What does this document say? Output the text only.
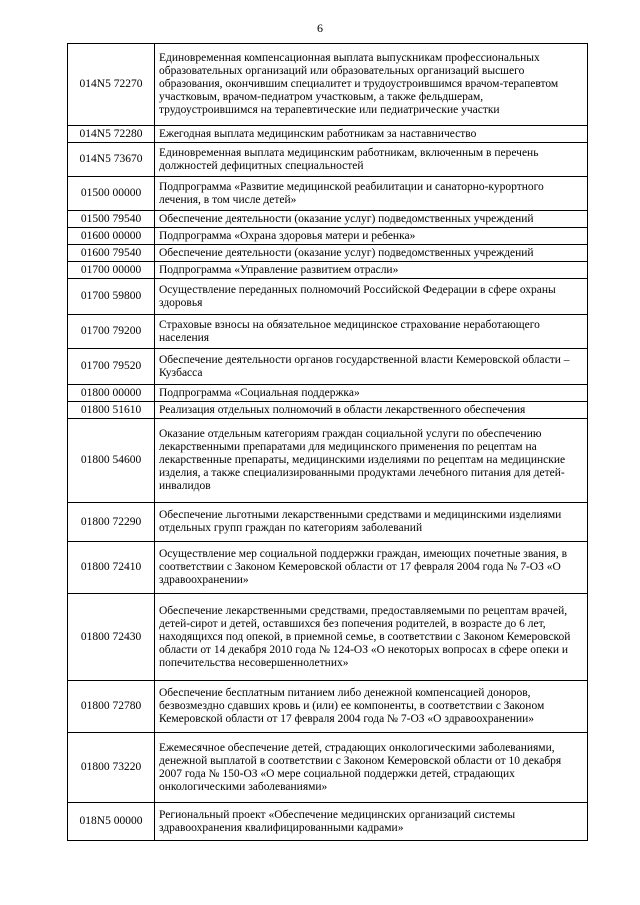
6
014N5 72270	Единовременная компенсационная выплата выпускникам профессиональных образовательных организаций или образовательных организаций высшего образования, окончившим специалитет и трудоустроившимся врачом-терапевтом участковым, врачом-педиатром участковым, а также фельдшерам, трудоустроившимся на терапевтические или педиатрические участки
014N5 72280	Ежегодная выплата медицинским работникам за наставничество
014N5 73670	Единовременная выплата медицинским работникам, включенным в перечень должностей дефицитных специальностей
01500 00000	Подпрограмма «Развитие медицинской реабилитации и санаторно-курортного лечения, в том числе детей»
01500 79540	Обеспечение деятельности (оказание услуг) подведомственных учреждений
01600 00000	Подпрограмма «Охрана здоровья матери и ребенка»
01600 79540	Обеспечение деятельности (оказание услуг) подведомственных учреждений
01700 00000	Подпрограмма «Управление развитием отрасли»
01700 59800	Осуществление переданных полномочий Российской Федерации в сфере охраны здоровья
01700 79200	Страховые взносы на обязательное медицинское страхование неработающего населения
01700 79520	Обеспечение деятельности органов государственной власти Кемеровской области – Кузбасса
01800 00000	Подпрограмма «Социальная поддержка»
01800 51610	Реализация отдельных полномочий в области лекарственного обеспечения
01800 54600	Оказание отдельным категориям граждан социальной услуги по обеспечению лекарственными препаратами для медицинского применения по рецептам на лекарственные препараты, медицинскими изделиями по рецептам на медицинские изделия, а также специализированными продуктами лечебного питания для детей-инвалидов
01800 72290	Обеспечение льготными лекарственными средствами и медицинскими изделиями отдельных групп граждан по категориям заболеваний
01800 72410	Осуществление мер социальной поддержки граждан, имеющих почетные звания, в соответствии с Законом Кемеровской области от 17 февраля 2004 года № 7-ОЗ «О здравоохранении»
01800 72430	Обеспечение лекарственными средствами, предоставляемыми по рецептам врачей, детей-сирот и детей, оставшихся без попечения родителей, в возрасте до 6 лет, находящихся под опекой, в приемной семье, в соответствии с Законом Кемеровской области от 14 декабря 2010 года № 124-ОЗ «О некоторых вопросах в сфере опеки и попечительства несовершеннолетних»
01800 72780	Обеспечение бесплатным питанием либо денежной компенсацией доноров, безвозмездно сдавших кровь и (или) ее компоненты, в соответствии с Законом Кемеровской области от 17 февраля 2004 года № 7-ОЗ «О здравоохранении»
01800 73220	Ежемесячное обеспечение детей, страдающих онкологическими заболеваниями, денежной выплатой в соответствии с Законом Кемеровской области от 10 декабря 2007 года № 150-ОЗ «О мере социальной поддержки детей, страдающих онкологическими заболеваниями»
018N5 00000	Региональный проект «Обеспечение медицинских организаций системы здравоохранения квалифицированными кадрами»
